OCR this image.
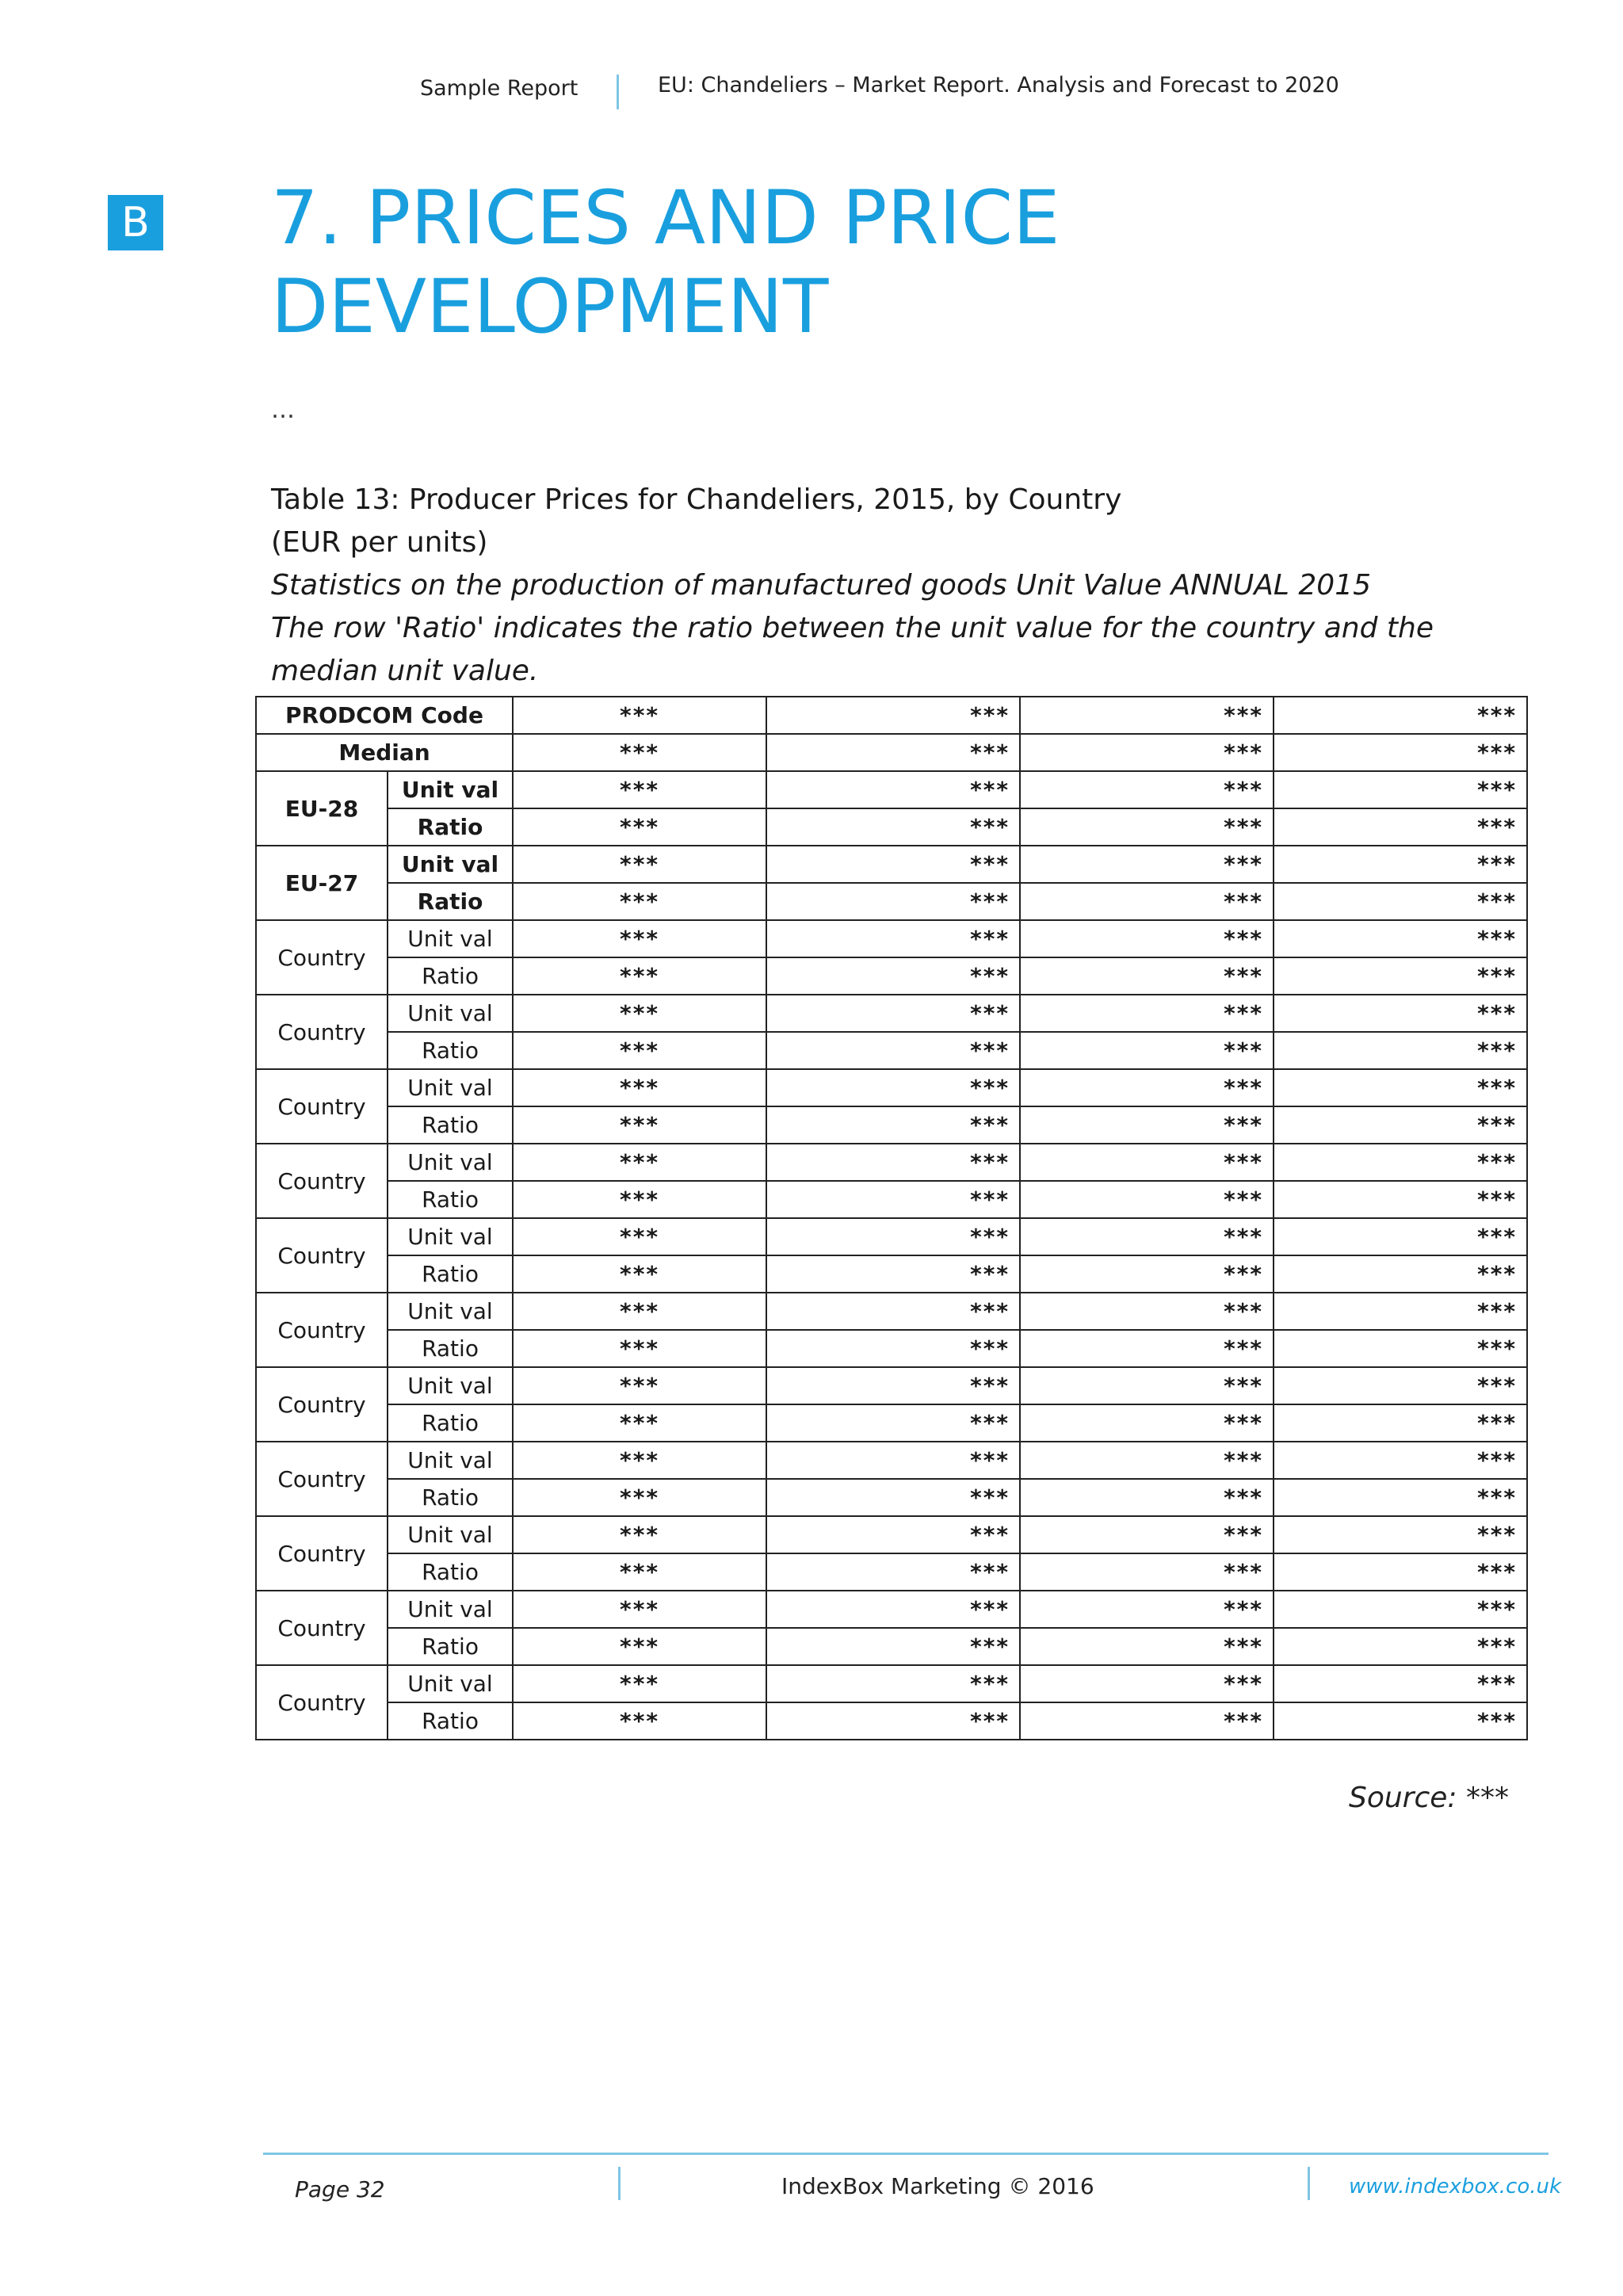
Sample Report	EU: Chandeliers – Market Report. Analysis and Forecast to 2020
B 7. PRICES AND PRICE
DEVELOPMENT
…
Table 13: Producer Prices for Chandeliers, 2015, by Country
(EUR per units)
Statistics on the production of manufactured goods Unit Value ANNUAL 2015
The row 'Ratio' indicates the ratio between the unit value for the country and the median unit value.
PRODCOM Code		***	***	***	***
Median		***	***	***	***
EU-28	Unit val	***	***	***	***
	Ratio	***	***	***	***
EU-27	Unit val	***	***	***	***
	Ratio	***	***	***	***
Country	Unit val	***	***	***	***
	Ratio	***	***	***	***
Country	Unit val	***	***	***	***
	Ratio	***	***	***	***
Country	Unit val	***	***	***	***
	Ratio	***	***	***	***
Country	Unit val	***	***	***	***
	Ratio	***	***	***	***
Country	Unit val	***	***	***	***
	Ratio	***	***	***	***
Country	Unit val	***	***	***	***
	Ratio	***	***	***	***
Country	Unit val	***	***	***	***
	Ratio	***	***	***	***
Country	Unit val	***	***	***	***
	Ratio	***	***	***	***
Country	Unit val	***	***	***	***
	Ratio	***	***	***	***
Country	Unit val	***	***	***	***
	Ratio	***	***	***	***
Country	Unit val	***	***	***	***
	Ratio	***	***	***	***
Source: ***
Page 32	IndexBox Marketing © 2016	www.indexbox.co.uk
